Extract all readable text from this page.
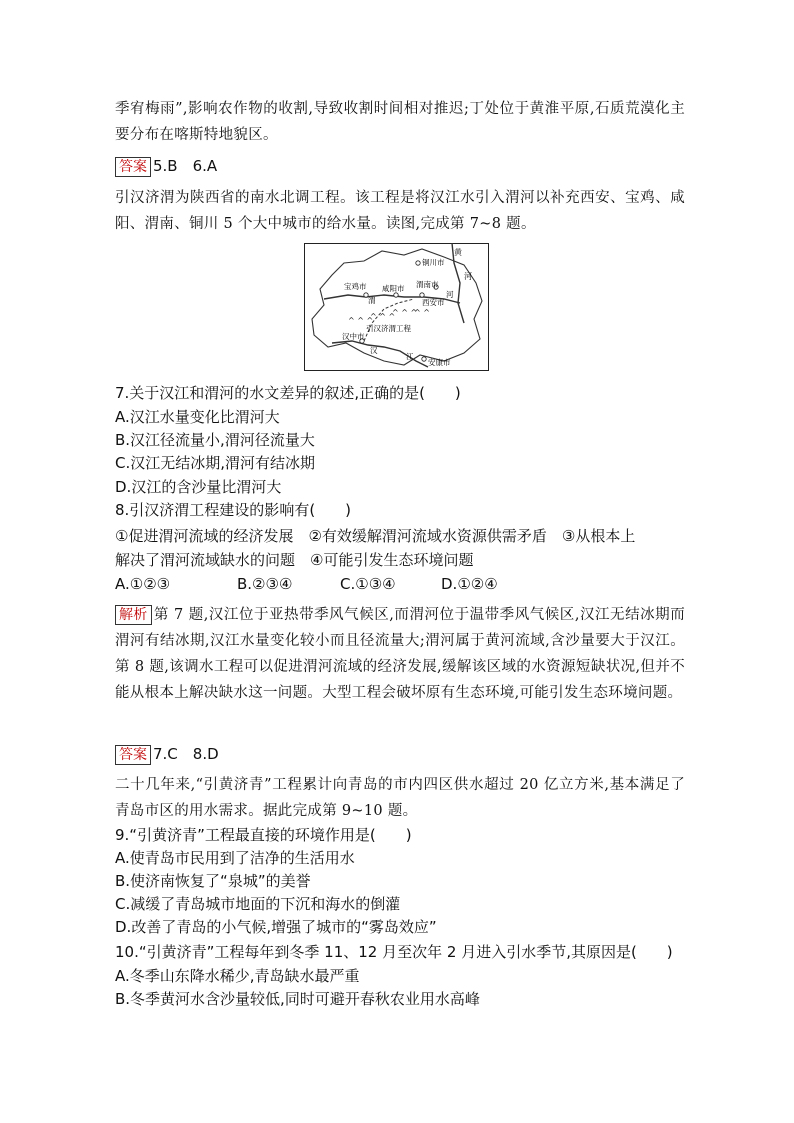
季宥梅雨”,影响农作物的收割,导致收割时间相对推迟;丁处位于黄淮平原,石质荒漠化主要分布在喀斯特地貌区。
答案 5.B　6.A
引汉济渭为陕西省的南水北调工程。该工程是将汉江水引入渭河以补充西安、宝鸡、咸阳、渭南、铜川 5 个大中城市的给水量。读图,完成第 7~8 题。
^ ^ ^
^ ^ ^
^ ^ ^
^ ^
黄
河
铜川市
渭南市
宝鸡市 咸阳市
渭
河
西安市
引汉济渭工程
汉中市
汉
江
安康市
7.关于汉江和渭河的水文差异的叙述,正确的是(　　)
A.汉江水量变化比渭河大
B.汉江径流量小,渭河径流量大
C.汉江无结冰期,渭河有结冰期
D.汉江的含沙量比渭河大
8.引汉济渭工程建设的影响有(　　)
①促进渭河流域的经济发展　②有效缓解渭河流域水资源供需矛盾　③从根本上
解决了渭河流域缺水的问题　④可能引发生态环境问题
A.①②③	B.②③④	C.①③④	D.①②④
解析 第 7 题,汉江位于亚热带季风气候区,而渭河位于温带季风气候区,汉江无结冰期而渭河有结冰期,汉江水量变化较小而且径流量大;渭河属于黄河流域,含沙量要大于汉江。第 8 题,该调水工程可以促进渭河流域的经济发展,缓解该区域的水资源短缺状况,但并不能从根本上解决缺水这一问题。大型工程会破坏原有生态环境,可能引发生态环境问题。
答案 7.C　8.D
二十几年来,“引黄济青”工程累计向青岛的市内四区供水超过 20 亿立方米,基本满足了青岛市区的用水需求。据此完成第 9~10 题。
9.“引黄济青”工程最直接的环境作用是(　　)
A.使青岛市民用到了洁净的生活用水
B.使济南恢复了“泉城”的美誉
C.减缓了青岛城市地面的下沉和海水的倒灌
D.改善了青岛的小气候,增强了城市的“雾岛效应”
10.“引黄济青”工程每年到冬季 11、12 月至次年 2 月进入引水季节,其原因是(　　)
A.冬季山东降水稀少,青岛缺水最严重
B.冬季黄河水含沙量较低,同时可避开春秋农业用水高峰
